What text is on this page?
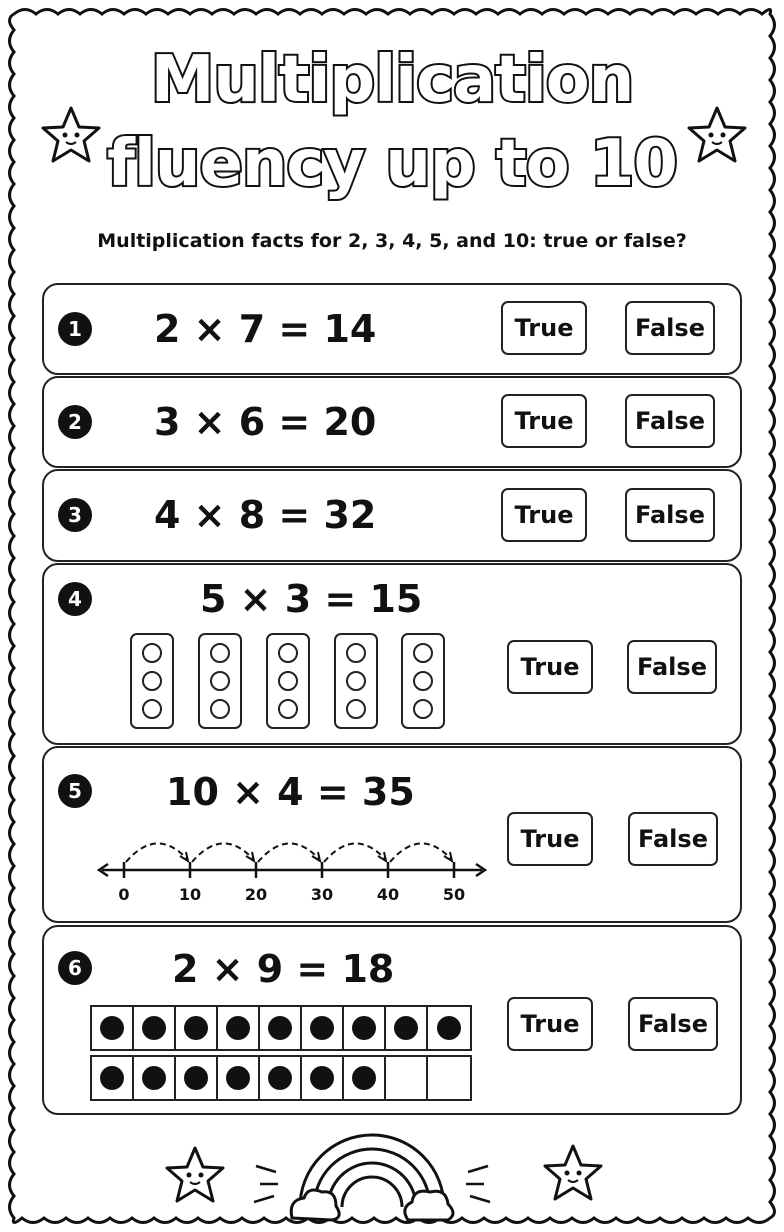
Multiplication
fluency up to 10
Multiplication facts for 2, 3, 4, 5, and 10: true or false?
1 2 × 7 = 14	True	False
2 3 × 6 = 20	True	False
3 4 × 8 = 32	True	False
4	5 × 3 = 15
True	False
5 10 × 4 = 35
0	10	20	30	40	50
True	False
6 2 × 9 = 18
True	False
